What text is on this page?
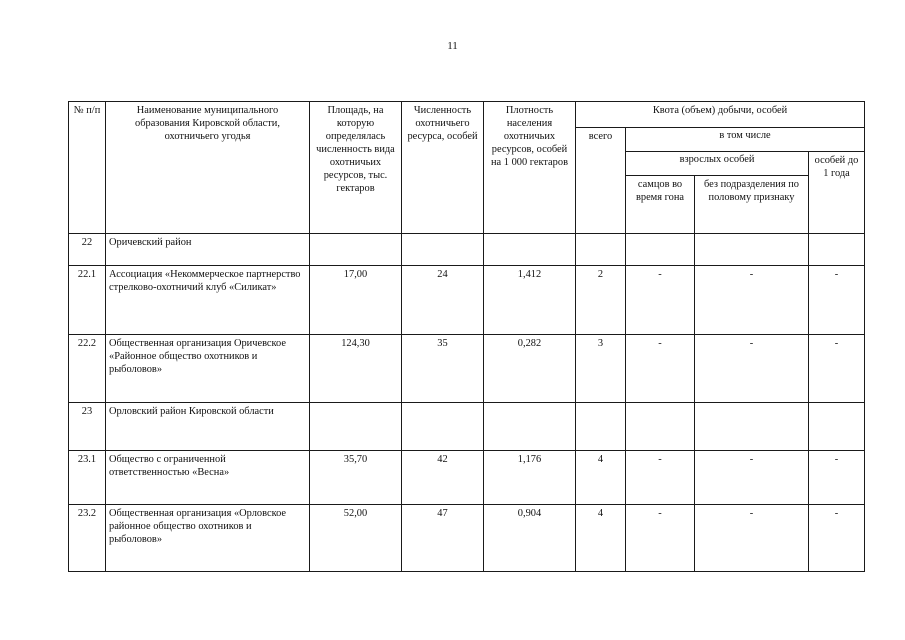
11
№ п/п	Наименование муниципального образования Кировской области, охотничьего угодья	Площадь, на которую определялась численность вида охотничьих ресурсов, тыс. гектаров	Численность охотничьего ресурса, особей	Плотность населения охотничьих ресурсов, особей на 1 000 гектаров	Квота (объем) добычи, особей			
					всего	в том числе		
						взрослых особей		особей до 1 года
						самцов во время гона	без подразделения по половому признаку	
22	Оричевский район							
22.1	Ассоциация «Некоммерческое партнерство стрелково-охотничий клуб «Силикат»	17,00	24	1,412	2	-	-	-
22.2	Общественная организация Оричевское «Районное общество охотников и рыболовов»	124,30	35	0,282	3	-	-	-
23	Орловский район Кировской области							
23.1	Общество с ограниченной ответственностью «Весна»	35,70	42	1,176	4	-	-	-
23.2	Общественная организация «Орловское районное общество охотников и рыболовов»	52,00	47	0,904	4	-	-	-
